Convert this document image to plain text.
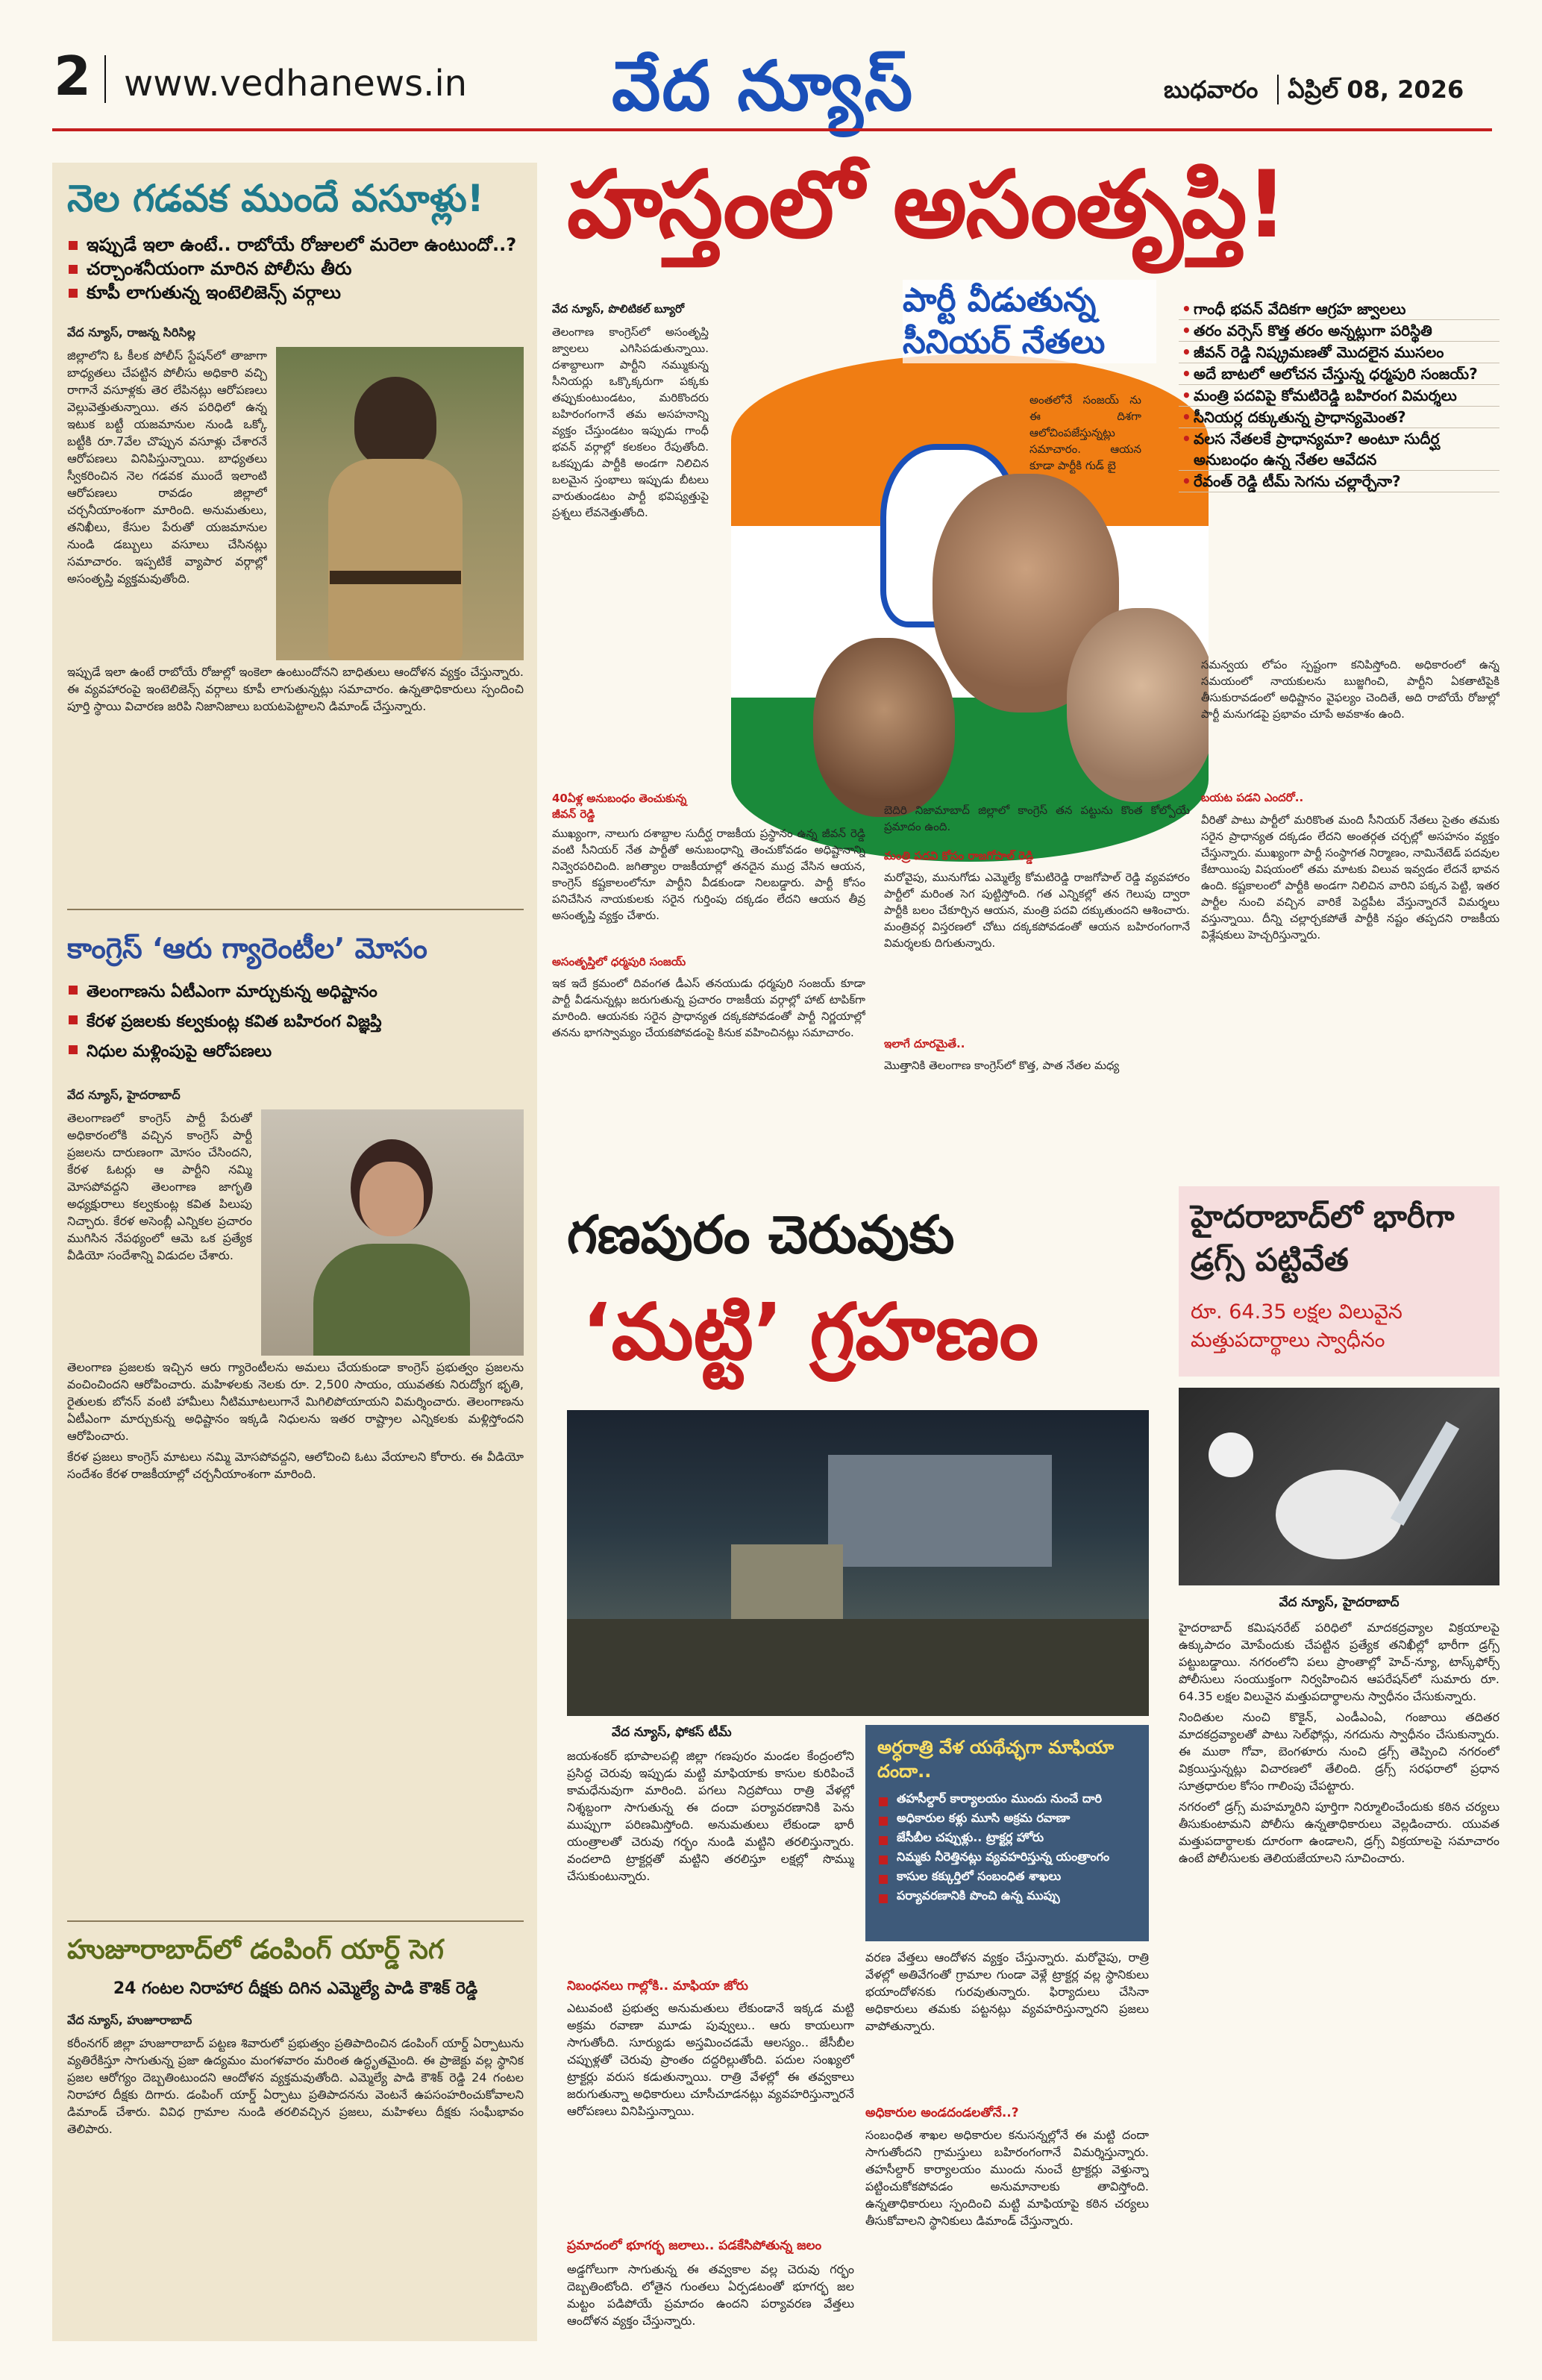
2 www.vedhanews.in వేద న్యూస్	బుధవారం ఏప్రిల్ 08, 2026
నెల గడవక ముందే వసూళ్లు!
ఇప్పుడే ఇలా ఉంటే.. రాబోయే రోజులలో మరెలా ఉంటుందో..?
చర్చాంశనీయంగా మారిన పోలీసు తీరు
కూపీ లాగుతున్న ఇంటెలిజెన్స్ వర్గాలు
వేద న్యూస్, రాజన్న సిరిసిల్ల

జిల్లాలోని ఓ కీలక పోలీస్ స్టేషన్‌లో తాజాగా బాధ్యతలు చేపట్టిన పోలీసు అధికారి వచ్చి రాగానే వసూళ్లకు తెర లేపినట్లు ఆరోపణలు వెల్లువెత్తుతున్నాయి. తన పరిధిలో ఉన్న ఇటుక బట్టీ యజమానుల నుండి ఒక్కో బట్టీకి రూ.7వేల చొప్పున వసూళ్లు చేశారనే ఆరోపణలు వినిపిస్తున్నాయి. బాధ్యతలు స్వీకరించిన నెల గడవక ముందే ఇలాంటి ఆరోపణలు రావడం జిల్లాలో చర్చనీయాంశంగా మారింది. అనుమతులు, తనిఖీలు, కేసుల పేరుతో యజమానుల నుండి డబ్బులు వసూలు చేసినట్లు సమాచారం. ఇప్పటికే వ్యాపార వర్గాల్లో అసంతృప్తి వ్యక్తమవుతోంది.

ఇప్పుడే ఇలా ఉంటే రాబోయే రోజుల్లో ఇంకెలా ఉంటుందోనని బాధితులు ఆందోళన వ్యక్తం చేస్తున్నారు. ఈ వ్యవహారంపై ఇంటెలిజెన్స్ వర్గాలు కూపీ లాగుతున్నట్లు సమాచారం. ఉన్నతాధికారులు స్పందించి పూర్తి స్థాయి విచారణ జరిపి నిజానిజాలు బయటపెట్టాలని డిమాండ్ చేస్తున్నారు.

కాంగ్రెస్ ‘ఆరు గ్యారెంటీల’ మోసం
తెలంగాణను ఏటీఎంగా మార్చుకున్న అధిష్టానం
కేరళ ప్రజలకు కల్వకుంట్ల కవిత బహిరంగ విజ్ఞప్తి
నిధుల మళ్లింపుపై ఆరోపణలు
వేద న్యూస్, హైదరాబాద్

తెలంగాణలో కాంగ్రెస్ పార్టీ పేరుతో అధికారంలోకి వచ్చిన కాంగ్రెస్ పార్టీ ప్రజలను దారుణంగా మోసం చేసిందని, కేరళ ఓటర్లు ఆ పార్టీని నమ్మి మోసపోవద్దని తెలంగాణ జాగృతి అధ్యక్షురాలు కల్వకుంట్ల కవిత పిలుపు నిచ్చారు. కేరళ అసెంబ్లీ ఎన్నికల ప్రచారం ముగిసిన నేపథ్యంలో ఆమె ఒక ప్రత్యేక వీడియో సందేశాన్ని విడుదల చేశారు.

తెలంగాణ ప్రజలకు ఇచ్చిన ఆరు గ్యారెంటీలను అమలు చేయకుండా కాంగ్రెస్ ప్రభుత్వం ప్రజలను వంచించిందని ఆరోపించారు. మహిళలకు నెలకు రూ. 2,500 సాయం, యువతకు నిరుద్యోగ భృతి, రైతులకు బోనస్ వంటి హామీలు నీటిమూటలుగానే మిగిలిపోయాయని విమర్శించారు. తెలంగాణను ఏటీఎంగా మార్చుకున్న అధిష్టానం ఇక్కడి నిధులను ఇతర రాష్ట్రాల ఎన్నికలకు మళ్లిస్తోందని ఆరోపించారు.

కేరళ ప్రజలు కాంగ్రెస్ మాటలు నమ్మి మోసపోవద్దని, ఆలోచించి ఓటు వేయాలని కోరారు. ఈ వీడియో సందేశం కేరళ రాజకీయాల్లో చర్చనీయాంశంగా మారింది.

హుజూరాబాద్‌లో డంపింగ్ యార్డ్ సెగ
24 గంటల నిరాహార దీక్షకు దిగిన ఎమ్మెల్యే పాడి కౌశిక్ రెడ్డి
వేద న్యూస్, హుజూరాబాద్

కరీంనగర్ జిల్లా హుజూరాబాద్ పట్టణ శివారులో ప్రభుత్వం ప్రతిపాదించిన డంపింగ్ యార్డ్ ఏర్పాటును వ్యతిరేకిస్తూ సాగుతున్న ప్రజా ఉద్యమం మంగళవారం మరింత ఉద్ధృతమైంది. ఈ ప్రాజెక్టు వల్ల స్థానిక ప్రజల ఆరోగ్యం దెబ్బతింటుందని ఆందోళన వ్యక్తమవుతోంది. ఎమ్మెల్యే పాడి కౌశిక్ రెడ్డి 24 గంటల నిరాహార దీక్షకు దిగారు. డంపింగ్ యార్డ్ ఏర్పాటు ప్రతిపాదనను వెంటనే ఉపసంహరించుకోవాలని డిమాండ్ చేశారు. వివిధ గ్రామాల నుండి తరలివచ్చిన ప్రజలు, మహిళలు దీక్షకు సంఘీభావం తెలిపారు.

హస్తంలో అసంతృప్తి!
పార్టీ వీడుతున్న సీనియర్ నేతలు
వేద న్యూస్, పొలిటికల్ బ్యూరో

తెలంగాణ కాంగ్రెస్‌లో అసంతృప్తి జ్వాలలు ఎగిసిపడుతున్నాయి. దశాబ్దాలుగా పార్టీని నమ్ముకున్న సీనియర్లు ఒక్కొక్కరుగా పక్కకు తప్పుకుంటుండటం, మరికొందరు బహిరంగంగానే తమ అసహనాన్ని వ్యక్తం చేస్తుండటం ఇప్పుడు గాంధీ భవన్ వర్గాల్లో కలకలం రేపుతోంది. ఒకప్పుడు పార్టీకి అండగా నిలిచిన బలమైన స్తంభాలు ఇప్పుడు బీటలు వారుతుండటం పార్టీ భవిష్యత్తుపై ప్రశ్నలు లేవనెత్తుతోంది.

అంతలోనే సంజయ్ ను ఈ దిశగా ఆలోచింపజేస్తున్నట్లు సమాచారం. ఆయన కూడా పార్టీకి గుడ్ బై

40ఏళ్ల అనుబంధం తెంచుకున్న జీవన్ రెడ్డి

ముఖ్యంగా, నాలుగు దశాబ్దాల సుదీర్ఘ రాజకీయ ప్రస్థానం ఉన్న జీవన్ రెడ్డి వంటి సీనియర్ నేత పార్టీతో అనుబంధాన్ని తెంచుకోవడం అధిష్టానాన్ని నివ్వెరపరిచింది. జగిత్యాల రాజకీయాల్లో తనదైన ముద్ర వేసిన ఆయన, కాంగ్రెస్ కష్టకాలంలోనూ పార్టీని వీడకుండా నిలబడ్డారు. పార్టీ కోసం పనిచేసిన నాయకులకు సరైన గుర్తింపు దక్కడం లేదని ఆయన తీవ్ర అసంతృప్తి వ్యక్తం చేశారు.

• గాంధీ భవన్ వేదికగా ఆగ్రహ జ్వాలలు
• తరం వర్సెస్ కొత్త తరం అన్నట్లుగా పరిస్థితి
• జీవన్ రెడ్డి నిష్క్రమణతో మొదలైన ముసలం
• అదే బాటలో ఆలోచన చేస్తున్న ధర్మపురి సంజయ్?
• మంత్రి పదవిపై కోమటిరెడ్డి బహిరంగ విమర్శలు
• సీనియర్ల దక్కుతున్న ప్రాధాన్యమెంత?
• వలస నేతలకే ప్రాధాన్యమా? అంటూ సుదీర్ఘ అనుబంధం ఉన్న నేతల ఆవేదన
• రేవంత్ రెడ్డి టీమ్ సెగను చల్లార్చేనా?

సమన్వయ లోపం స్పష్టంగా కనిపిస్తోంది. అధికారంలో ఉన్న సమయంలో నాయకులను బుజ్జగించి, పార్టీని ఏకతాటిపైకి తీసుకురావడంలో అధిష్టానం వైఫల్యం చెందితే, అది రాబోయే రోజుల్లో పార్టీ మనుగడపై ప్రభావం చూపే అవకాశం ఉంది.

బయట పడని ఎందరో..

వీరితో పాటు పార్టీలో మరికొంత మంది సీనియర్ నేతలు సైతం తమకు సరైన ప్రాధాన్యత దక్కడం లేదని అంతర్గత చర్చల్లో అసహనం వ్యక్తం చేస్తున్నారు. ముఖ్యంగా పార్టీ సంస్థాగత నిర్మాణం, నామినేటెడ్ పదవుల కేటాయింపు విషయంలో తమ మాటకు విలువ ఇవ్వడం లేదనే భావన ఉంది. కష్టకాలంలో పార్టీకి అండగా నిలిచిన వారిని పక్కన పెట్టి, ఇతర పార్టీల నుంచి వచ్చిన వారికే పెద్దపీట వేస్తున్నారనే విమర్శలు వస్తున్నాయి. దీన్ని చల్లార్చకపోతే పార్టీకి నష్టం తప్పదని రాజకీయ విశ్లేషకులు హెచ్చరిస్తున్నారు.

బెదిరి నిజామాబాద్ జిల్లాలో కాంగ్రెస్ తన పట్టును కొంత కోల్పోయే ప్రమాదం ఉంది.

మంత్రి పదవి కోసం రాజగోపాల్ రెడ్డి

మరోవైపు, మునుగోడు ఎమ్మెల్యే కోమటిరెడ్డి రాజగోపాల్ రెడ్డి వ్యవహారం పార్టీలో మరింత సెగ పుట్టిస్తోంది. గత ఎన్నికల్లో తన గెలుపు ద్వారా పార్టీకి బలం చేకూర్చిన ఆయన, మంత్రి పదవి దక్కుతుందని ఆశించారు. మంత్రివర్గ విస్తరణలో చోటు దక్కకపోవడంతో ఆయన బహిరంగంగానే విమర్శలకు దిగుతున్నారు.

అసంతృప్తిలో ధర్మపురి సంజయ్

ఇక ఇదే క్రమంలో దివంగత డీఎస్ తనయుడు ధర్మపురి సంజయ్ కూడా పార్టీ వీడనున్నట్లు జరుగుతున్న ప్రచారం రాజకీయ వర్గాల్లో హాట్ టాపిక్‌గా మారింది. ఆయనకు సరైన ప్రాధాన్యత దక్కకపోవడంతో పార్టీ నిర్ణయాల్లో తనను భాగస్వామ్యం చేయకపోవడంపై కినుక వహించినట్లు సమాచారం.

ఇలాగే దూరమైతే..

మొత్తానికి తెలంగాణ కాంగ్రెస్‌లో కొత్త, పాత నేతల మధ్య

గణపురం చెరువుకు
‘మట్టి’ గ్రహణం
వేద న్యూస్, ఫోకస్ టీమ్

జయశంకర్ భూపాలపల్లి జిల్లా గణపురం మండల కేంద్రంలోని ప్రసిద్ధ చెరువు ఇప్పుడు మట్టి మాఫియాకు కాసుల కురిపించే కామధేనువుగా మారింది. పగలు నిద్రపోయి రాత్రి వేళల్లో నిశ్శబ్దంగా సాగుతున్న ఈ దందా పర్యావరణానికి పెను ముప్పుగా పరిణమిస్తోంది. అనుమతులు లేకుండా భారీ యంత్రాలతో చెరువు గర్భం నుండి మట్టిని తరలిస్తున్నారు. వందలాది ట్రాక్టర్లతో మట్టిని తరలిస్తూ లక్షల్లో సొమ్ము చేసుకుంటున్నారు.

నిబంధనలు గాల్లోకి.. మాఫియా జోరు

ఎటువంటి ప్రభుత్వ అనుమతులు లేకుండానే ఇక్కడ మట్టి అక్రమ రవాణా మూడు పువ్వులు.. ఆరు కాయలుగా సాగుతోంది. సూర్యుడు అస్తమించడమే ఆలస్యం.. జేసీబీల చప్పుళ్లతో చెరువు ప్రాంతం దద్దరిల్లుతోంది. పదుల సంఖ్యలో ట్రాక్టర్లు వరుస కడుతున్నాయి. రాత్రి వేళల్లో ఈ తవ్వకాలు జరుగుతున్నా అధికారులు చూసీచూడనట్లు వ్యవహరిస్తున్నారనే ఆరోపణలు వినిపిస్తున్నాయి.

ప్రమాదంలో భూగర్భ జలాలు.. పడకేసిపోతున్న జలం

అడ్డగోలుగా సాగుతున్న ఈ తవ్వకాల వల్ల చెరువు గర్భం దెబ్బతింటోంది. లోతైన గుంతలు ఏర్పడటంతో భూగర్భ జల మట్టం పడిపోయే ప్రమాదం ఉందని పర్యావరణ వేత్తలు ఆందోళన వ్యక్తం చేస్తున్నారు.

అర్ధరాత్రి వేళ యథేచ్ఛగా మాఫియా దందా..
తహసీల్దార్ కార్యాలయం ముందు నుంచే దారి
అధికారుల కళ్లు మూసి అక్రమ రవాణా
జేసీబీల చప్పుళ్లు.. ట్రాక్టర్ల హోరు
నిమ్మకు నీరెత్తినట్లు వ్యవహరిస్తున్న యంత్రాంగం
కాసుల కక్కుర్తిలో సంబంధిత శాఖలు
పర్యావరణానికి పొంచి ఉన్న ముప్పు

వరణ వేత్తలు ఆందోళన వ్యక్తం చేస్తున్నారు. మరోవైపు, రాత్రి వేళల్లో అతివేగంతో గ్రామాల గుండా వెళ్లే ట్రాక్టర్ల వల్ల స్థానికులు భయాందోళనకు గురవుతున్నారు. ఫిర్యాదులు చేసినా అధికారులు తమకు పట్టనట్లు వ్యవహరిస్తున్నారని ప్రజలు వాపోతున్నారు.

అధికారుల అండదండలతోనే..?

సంబంధిత శాఖల అధికారుల కనుసన్నల్లోనే ఈ మట్టి దందా సాగుతోందని గ్రామస్తులు బహిరంగంగానే విమర్శిస్తున్నారు. తహసీల్దార్ కార్యాలయం ముందు నుంచే ట్రాక్టర్లు వెళ్తున్నా పట్టించుకోకపోవడం అనుమానాలకు తావిస్తోంది. ఉన్నతాధికారులు స్పందించి మట్టి మాఫియాపై కఠిన చర్యలు తీసుకోవాలని స్థానికులు డిమాండ్ చేస్తున్నారు.

హైదరాబాద్‌లో భారీగా డ్రగ్స్ పట్టివేత
రూ. 64.35 లక్షల విలువైన మత్తుపదార్థాలు స్వాధీనం
వేద న్యూస్, హైదరాబాద్

హైదరాబాద్ కమిషనరేట్ పరిధిలో మాదకద్రవ్యాల విక్రయాలపై ఉక్కుపాదం మోపేందుకు చేపట్టిన ప్రత్యేక తనిఖీల్లో భారీగా డ్రగ్స్ పట్టుబడ్డాయి. నగరంలోని పలు ప్రాంతాల్లో హెచ్-న్యూ, టాస్క్‌ఫోర్స్ పోలీసులు సంయుక్తంగా నిర్వహించిన ఆపరేషన్‌లో సుమారు రూ. 64.35 లక్షల విలువైన మత్తుపదార్థాలను స్వాధీనం చేసుకున్నారు.

నిందితుల నుంచి కొకైన్, ఎండీఎంఏ, గంజాయి తదితర మాదకద్రవ్యాలతో పాటు సెల్‌ఫోన్లు, నగదును స్వాధీనం చేసుకున్నారు. ఈ ముఠా గోవా, బెంగళూరు నుంచి డ్రగ్స్ తెప్పించి నగరంలో విక్రయిస్తున్నట్లు విచారణలో తేలింది. డ్రగ్స్ సరఫరాలో ప్రధాన సూత్రధారుల కోసం గాలింపు చేపట్టారు.

నగరంలో డ్రగ్స్ మహమ్మారిని పూర్తిగా నిర్మూలించేందుకు కఠిన చర్యలు తీసుకుంటామని పోలీసు ఉన్నతాధికారులు వెల్లడించారు. యువత మత్తుపదార్థాలకు దూరంగా ఉండాలని, డ్రగ్స్ విక్రయాలపై సమాచారం ఉంటే పోలీసులకు తెలియజేయాలని సూచించారు.
